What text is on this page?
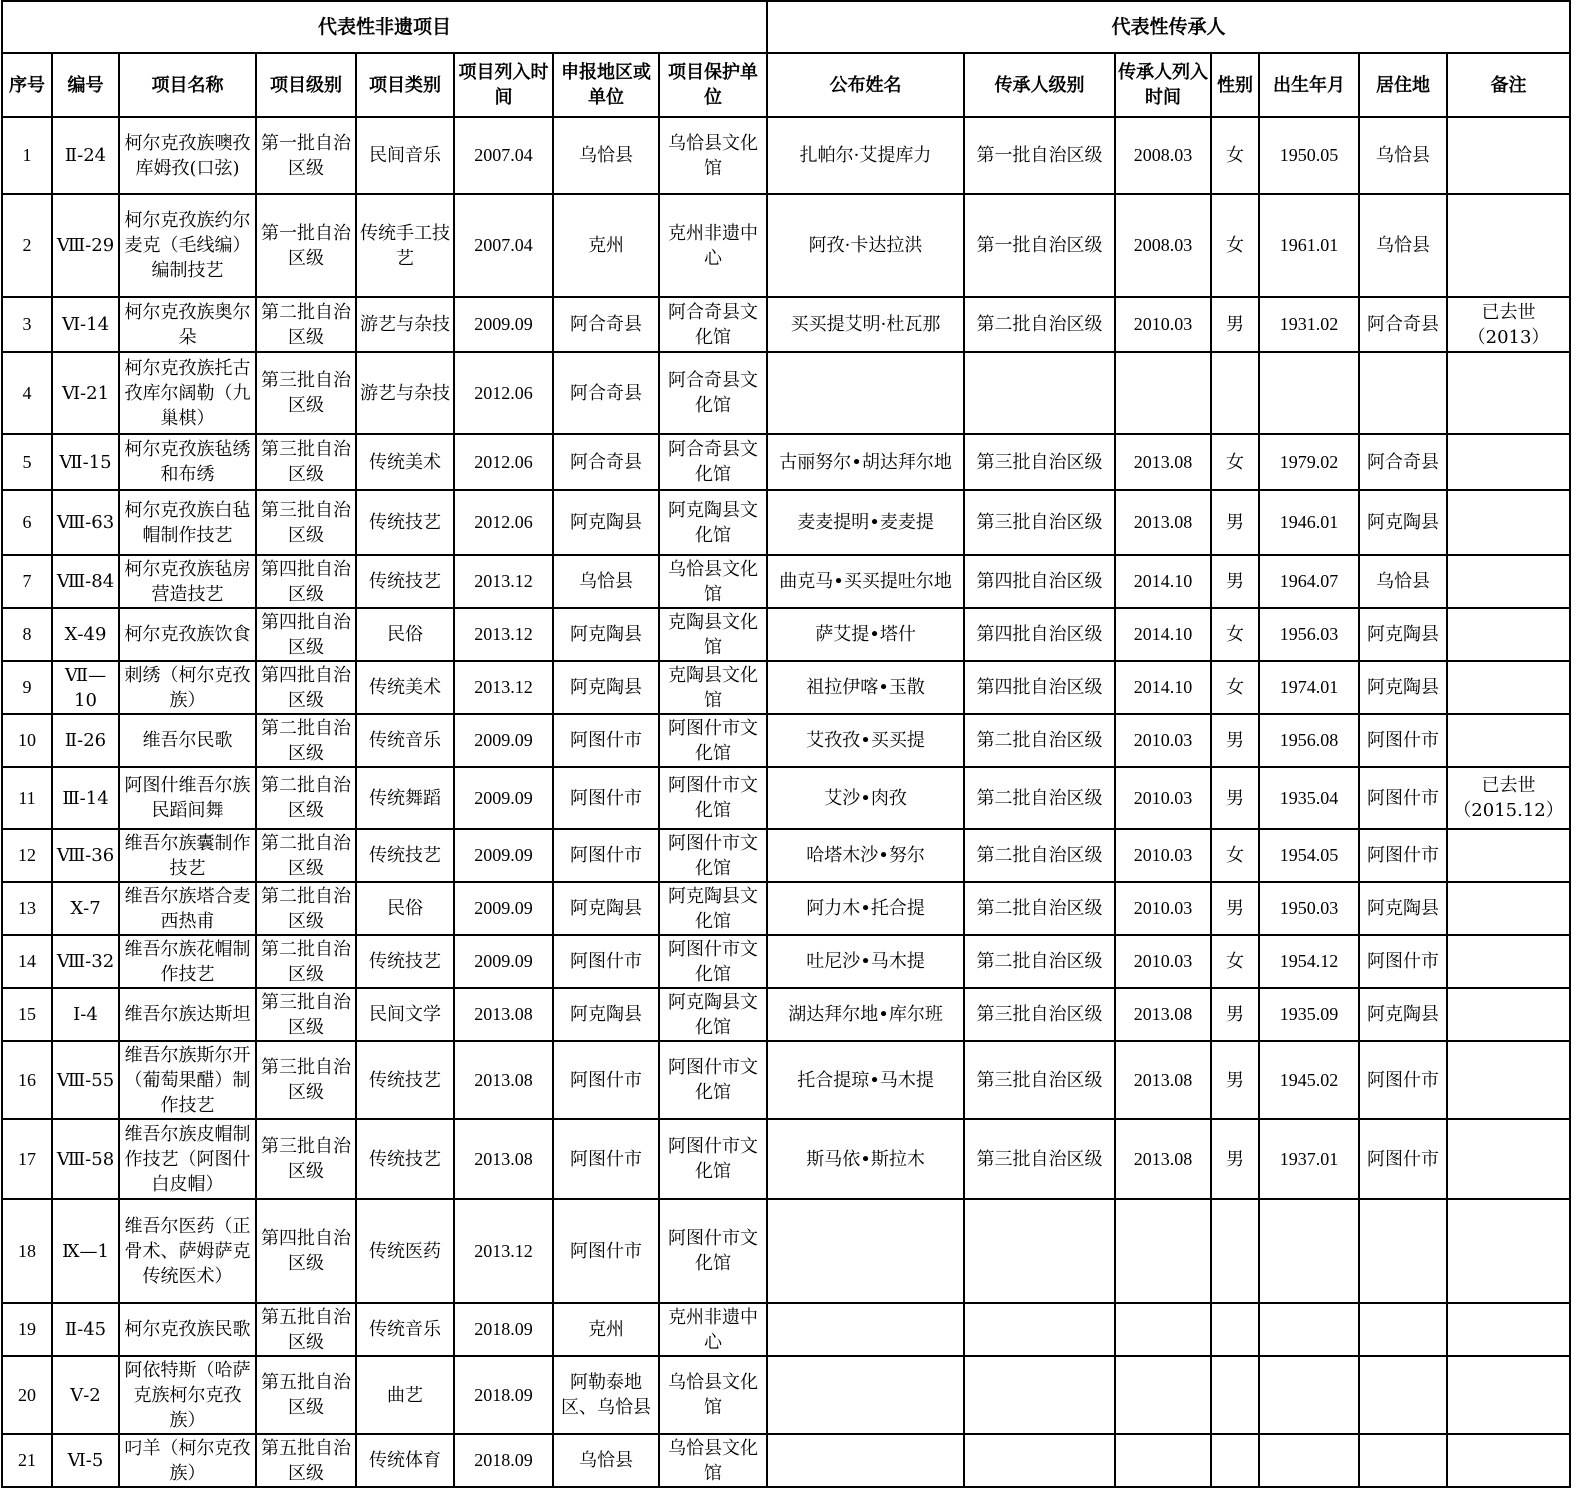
代表性非遗项目								代表性传承人						
序号	编号	项目名称	项目级别	项目类别	项目列入时间	申报地区或单位	项目保护单位	公布姓名	传承人级别	传承人列入时间	性别	出生年月	居住地	备注
1	Ⅱ-24	柯尔克孜族噢孜库姆孜(口弦)	第一批自治区级	民间音乐	2007.04	乌恰县	乌恰县文化馆	扎帕尔·艾提库力	第一批自治区级	2008.03	女	1950.05	乌恰县	
2	Ⅷ-29	柯尔克孜族约尔麦克（毛线编）编制技艺	第一批自治区级	传统手工技艺	2007.04	克州	克州非遗中心	阿孜·卡达拉洪	第一批自治区级	2008.03	女	1961.01	乌恰县	
3	Ⅵ-14	柯尔克孜族奥尔朵	第二批自治区级	游艺与杂技	2009.09	阿合奇县	阿合奇县文化馆	买买提艾明·杜瓦那	第二批自治区级	2010.03	男	1931.02	阿合奇县	已去世（2013）
4	Ⅵ-21	柯尔克孜族托古孜库尔阔勒（九巢棋）	第三批自治区级	游艺与杂技	2012.06	阿合奇县	阿合奇县文化馆							
5	Ⅶ-15	柯尔克孜族毡绣和布绣	第三批自治区级	传统美术	2012.06	阿合奇县	阿合奇县文化馆	古丽努尔•胡达拜尔地	第三批自治区级	2013.08	女	1979.02	阿合奇县	
6	Ⅷ-63	柯尔克孜族白毡帽制作技艺	第三批自治区级	传统技艺	2012.06	阿克陶县	阿克陶县文化馆	麦麦提明•麦麦提	第三批自治区级	2013.08	男	1946.01	阿克陶县	
7	Ⅷ-84	柯尔克孜族毡房营造技艺	第四批自治区级	传统技艺	2013.12	乌恰县	乌恰县文化馆	曲克马•买买提吐尔地	第四批自治区级	2014.10	男	1964.07	乌恰县	
8	Ⅹ-49	柯尔克孜族饮食	第四批自治区级	民俗	2013.12	阿克陶县	克陶县文化馆	萨艾提•塔什	第四批自治区级	2014.10	女	1956.03	阿克陶县	
9	Ⅶ—10	刺绣（柯尔克孜族）	第四批自治区级	传统美术	2013.12	阿克陶县	克陶县文化馆	祖拉伊喀•玉散	第四批自治区级	2014.10	女	1974.01	阿克陶县	
10	Ⅱ-26	维吾尔民歌	第二批自治区级	传统音乐	2009.09	阿图什市	阿图什市文化馆	艾孜孜•买买提	第二批自治区级	2010.03	男	1956.08	阿图什市	
11	Ⅲ-14	阿图什维吾尔族民蹈间舞	第二批自治区级	传统舞蹈	2009.09	阿图什市	阿图什市文化馆	艾沙•肉孜	第二批自治区级	2010.03	男	1935.04	阿图什市	已去世（2015.12）
12	Ⅷ-36	维吾尔族囊制作技艺	第二批自治区级	传统技艺	2009.09	阿图什市	阿图什市文化馆	哈塔木沙•努尔	第二批自治区级	2010.03	女	1954.05	阿图什市	
13	Ⅹ-7	维吾尔族塔合麦西热甫	第二批自治区级	民俗	2009.09	阿克陶县	阿克陶县文化馆	阿力木•托合提	第二批自治区级	2010.03	男	1950.03	阿克陶县	
14	Ⅷ-32	维吾尔族花帽制作技艺	第二批自治区级	传统技艺	2009.09	阿图什市	阿图什市文化馆	吐尼沙•马木提	第二批自治区级	2010.03	女	1954.12	阿图什市	
15	Ⅰ-4	维吾尔族达斯坦	第三批自治区级	民间文学	2013.08	阿克陶县	阿克陶县文化馆	湖达拜尔地•库尔班	第三批自治区级	2013.08	男	1935.09	阿克陶县	
16	Ⅷ-55	维吾尔族斯尔开（葡萄果醋）制作技艺	第三批自治区级	传统技艺	2013.08	阿图什市	阿图什市文化馆	托合提琼•马木提	第三批自治区级	2013.08	男	1945.02	阿图什市	
17	Ⅷ-58	维吾尔族皮帽制作技艺（阿图什白皮帽）	第三批自治区级	传统技艺	2013.08	阿图什市	阿图什市文化馆	斯马依•斯拉木	第三批自治区级	2013.08	男	1937.01	阿图什市	
18	Ⅸ—1	维吾尔医药（正骨术、萨姆萨克传统医术）	第四批自治区级	传统医药	2013.12	阿图什市	阿图什市文化馆							
19	Ⅱ-45	柯尔克孜族民歌	第五批自治区级	传统音乐	2018.09	克州	克州非遗中心							
20	Ⅴ-2	阿依特斯（哈萨克族柯尔克孜族）	第五批自治区级	曲艺	2018.09	阿勒泰地区、乌恰县	乌恰县文化馆							
21	Ⅵ-5	叼羊（柯尔克孜族）	第五批自治区级	传统体育	2018.09	乌恰县	乌恰县文化馆							
